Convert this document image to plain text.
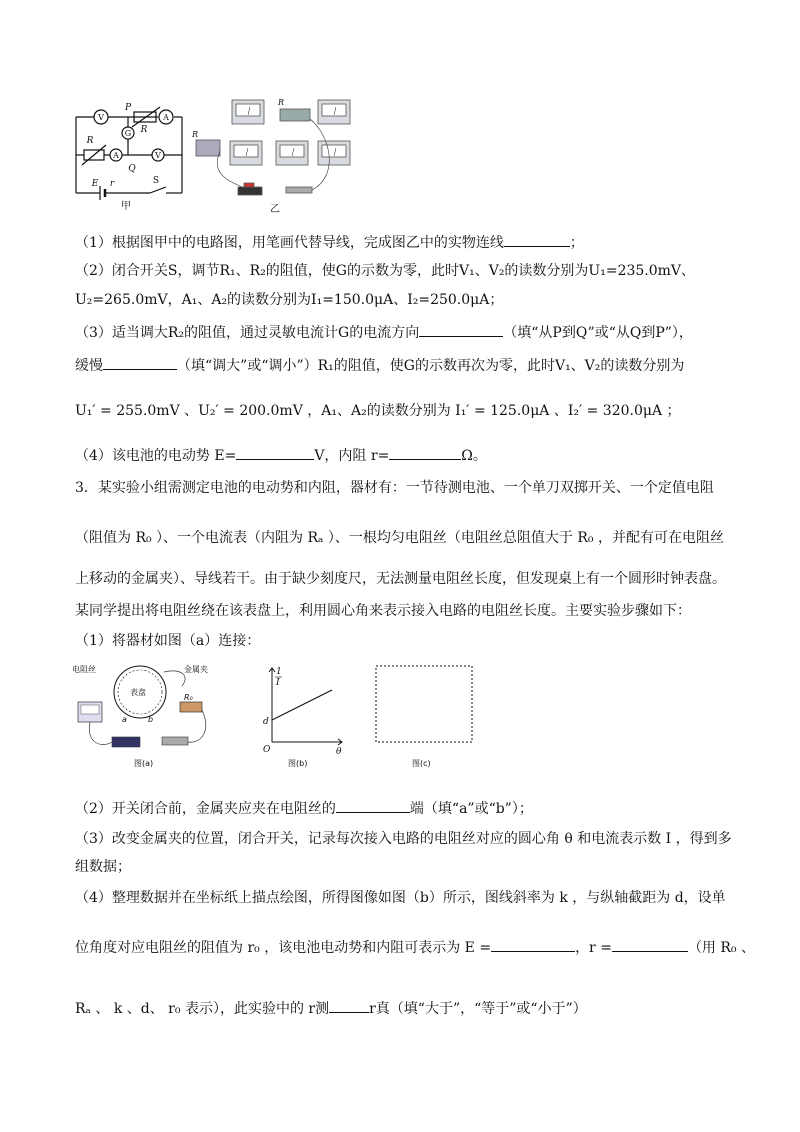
V	A
G
A	V
P
Q
R
R
E r	S
甲
R
R
乙
（1）根据图甲中的电路图，用笔画代替导线，完成图乙中的实物连线	；
（2）闭合开关S，调节R₁、R₂的阻值，使G的示数为零，此时V₁、V₂的读数分别为U₁=235.0mV、
U₂=265.0mV，A₁、A₂的读数分别为I₁=150.0μA、I₂=250.0μA；
（3）适当调大R₂的阻值，通过灵敏电流计G的电流方向	（填“从P到Q”或“从Q到P”），
缓慢	（填“调大”或“调小”）R₁的阻值，使G的示数再次为零，此时V₁、V₂的读数分别为
U₁′ = 255.0mV 、U₂′ = 200.0mV ，A₁、A₂的读数分别为 I₁′ = 125.0μA 、I₂′ = 320.0μA ；
（4）该电池的电动势 E=	V，内阻 r=	Ω。
3．某实验小组需测定电池的电动势和内阻，器材有：一节待测电池、一个单刀双掷开关、一个定值电阻
（阻值为 R₀ ）、一个电流表（内阻为 Rₐ ）、一根均匀电阻丝（电阻丝总阻值大于 R₀ ，并配有可在电阻丝
上移动的金属夹）、导线若干。由于缺少刻度尺，无法测量电阻丝长度，但发现桌上有一个圆形时钟表盘。
某同学提出将电阻丝绕在该表盘上，利用圆心角来表示接入电路的电阻丝长度。主要实验步骤如下：
（1）将器材如图（a）连接：
电阻丝	金属夹
表盘
a	b
R₀
图(a)
1
I
d
O	θ
图(b)	图(c)
（2）开关闭合前，金属夹应夹在电阻丝的	端（填“a”或“b”）；
（3）改变金属夹的位置，闭合开关，记录每次接入电路的电阻丝对应的圆心角 θ 和电流表示数 I ，得到多
组数据；
（4）整理数据并在坐标纸上描点绘图，所得图像如图（b）所示，图线斜率为 k ，与纵轴截距为 d，设单
位角度对应电阻丝的阻值为 r₀ ，该电池电动势和内阻可表示为 E =	，r =	（用 R₀ 、
Rₐ 、 k 、d、 r₀ 表示），此实验中的 r测	r真（填“大于”，“等于”或“小于”）
